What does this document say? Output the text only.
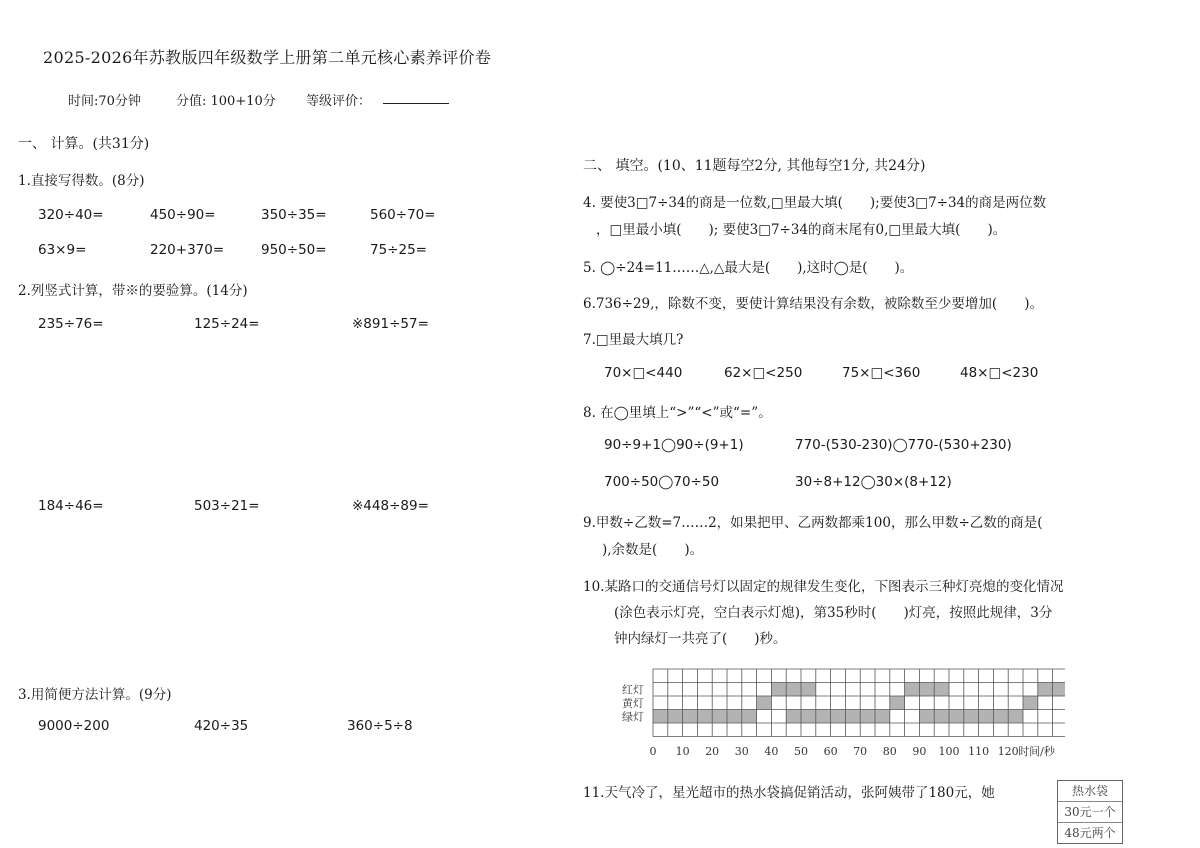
2025-2026年苏教版四年级数学上册第二单元核心素养评价卷
时间:70分钟	分值: 100+10分 等级评价：
一、 计算。(共31分)
1.直接写得数。(8分)
320÷40=	450÷90=	350÷35=	560÷70=
63×9=	220+370=	950÷50=	75÷25=
2.列竖式计算，带※的要验算。(14分)
235÷76=	125÷24=	※891÷57=
184÷46=	503÷21=	※448÷89=
3.用简便方法计算。(9分)
9000÷200	420÷35	360÷5÷8
二、 填空。(10、11题每空2分, 其他每空1分, 共24分)
4. 要使3□7÷34的商是一位数,□里最大填(　　);要使3□7÷34的商是两位数
，□里最小填(　　); 要使3□7÷34的商末尾有0,□里最大填(　　)。
5. ◯÷24=11……△,△最大是(　　),这时◯是(　　)。
6.736÷29,，除数不变，要使计算结果没有余数，被除数至少要增加(　　)。
7.□里最大填几?
70×□<440	62×□<250	75×□<360	48×□<230
8. 在◯里填上“>”“<”或“=”。
90÷9+1◯90÷(9+1)	770-(530-230)◯770-(530+230)
700÷50◯70÷50	30÷8+12◯30×(8+12)
9.甲数÷乙数=7……2，如果把甲、乙两数都乘100，那么甲数÷乙数的商是(
),余数是(　　)。
10.某路口的交通信号灯以固定的规律发生变化，下图表示三种灯亮熄的变化情况
(涂色表示灯亮，空白表示灯熄)，第35秒时(　　)灯亮，按照此规律，3分
钟内绿灯一共亮了(　　)秒。
红灯
黄灯
绿灯
0 10 20 30 40 50 60 70 80 90 100 110 120 时间/秒
11.天气冷了，星光超市的热水袋搞促销活动，张阿姨带了180元，她	热水袋
30元一个
48元两个
